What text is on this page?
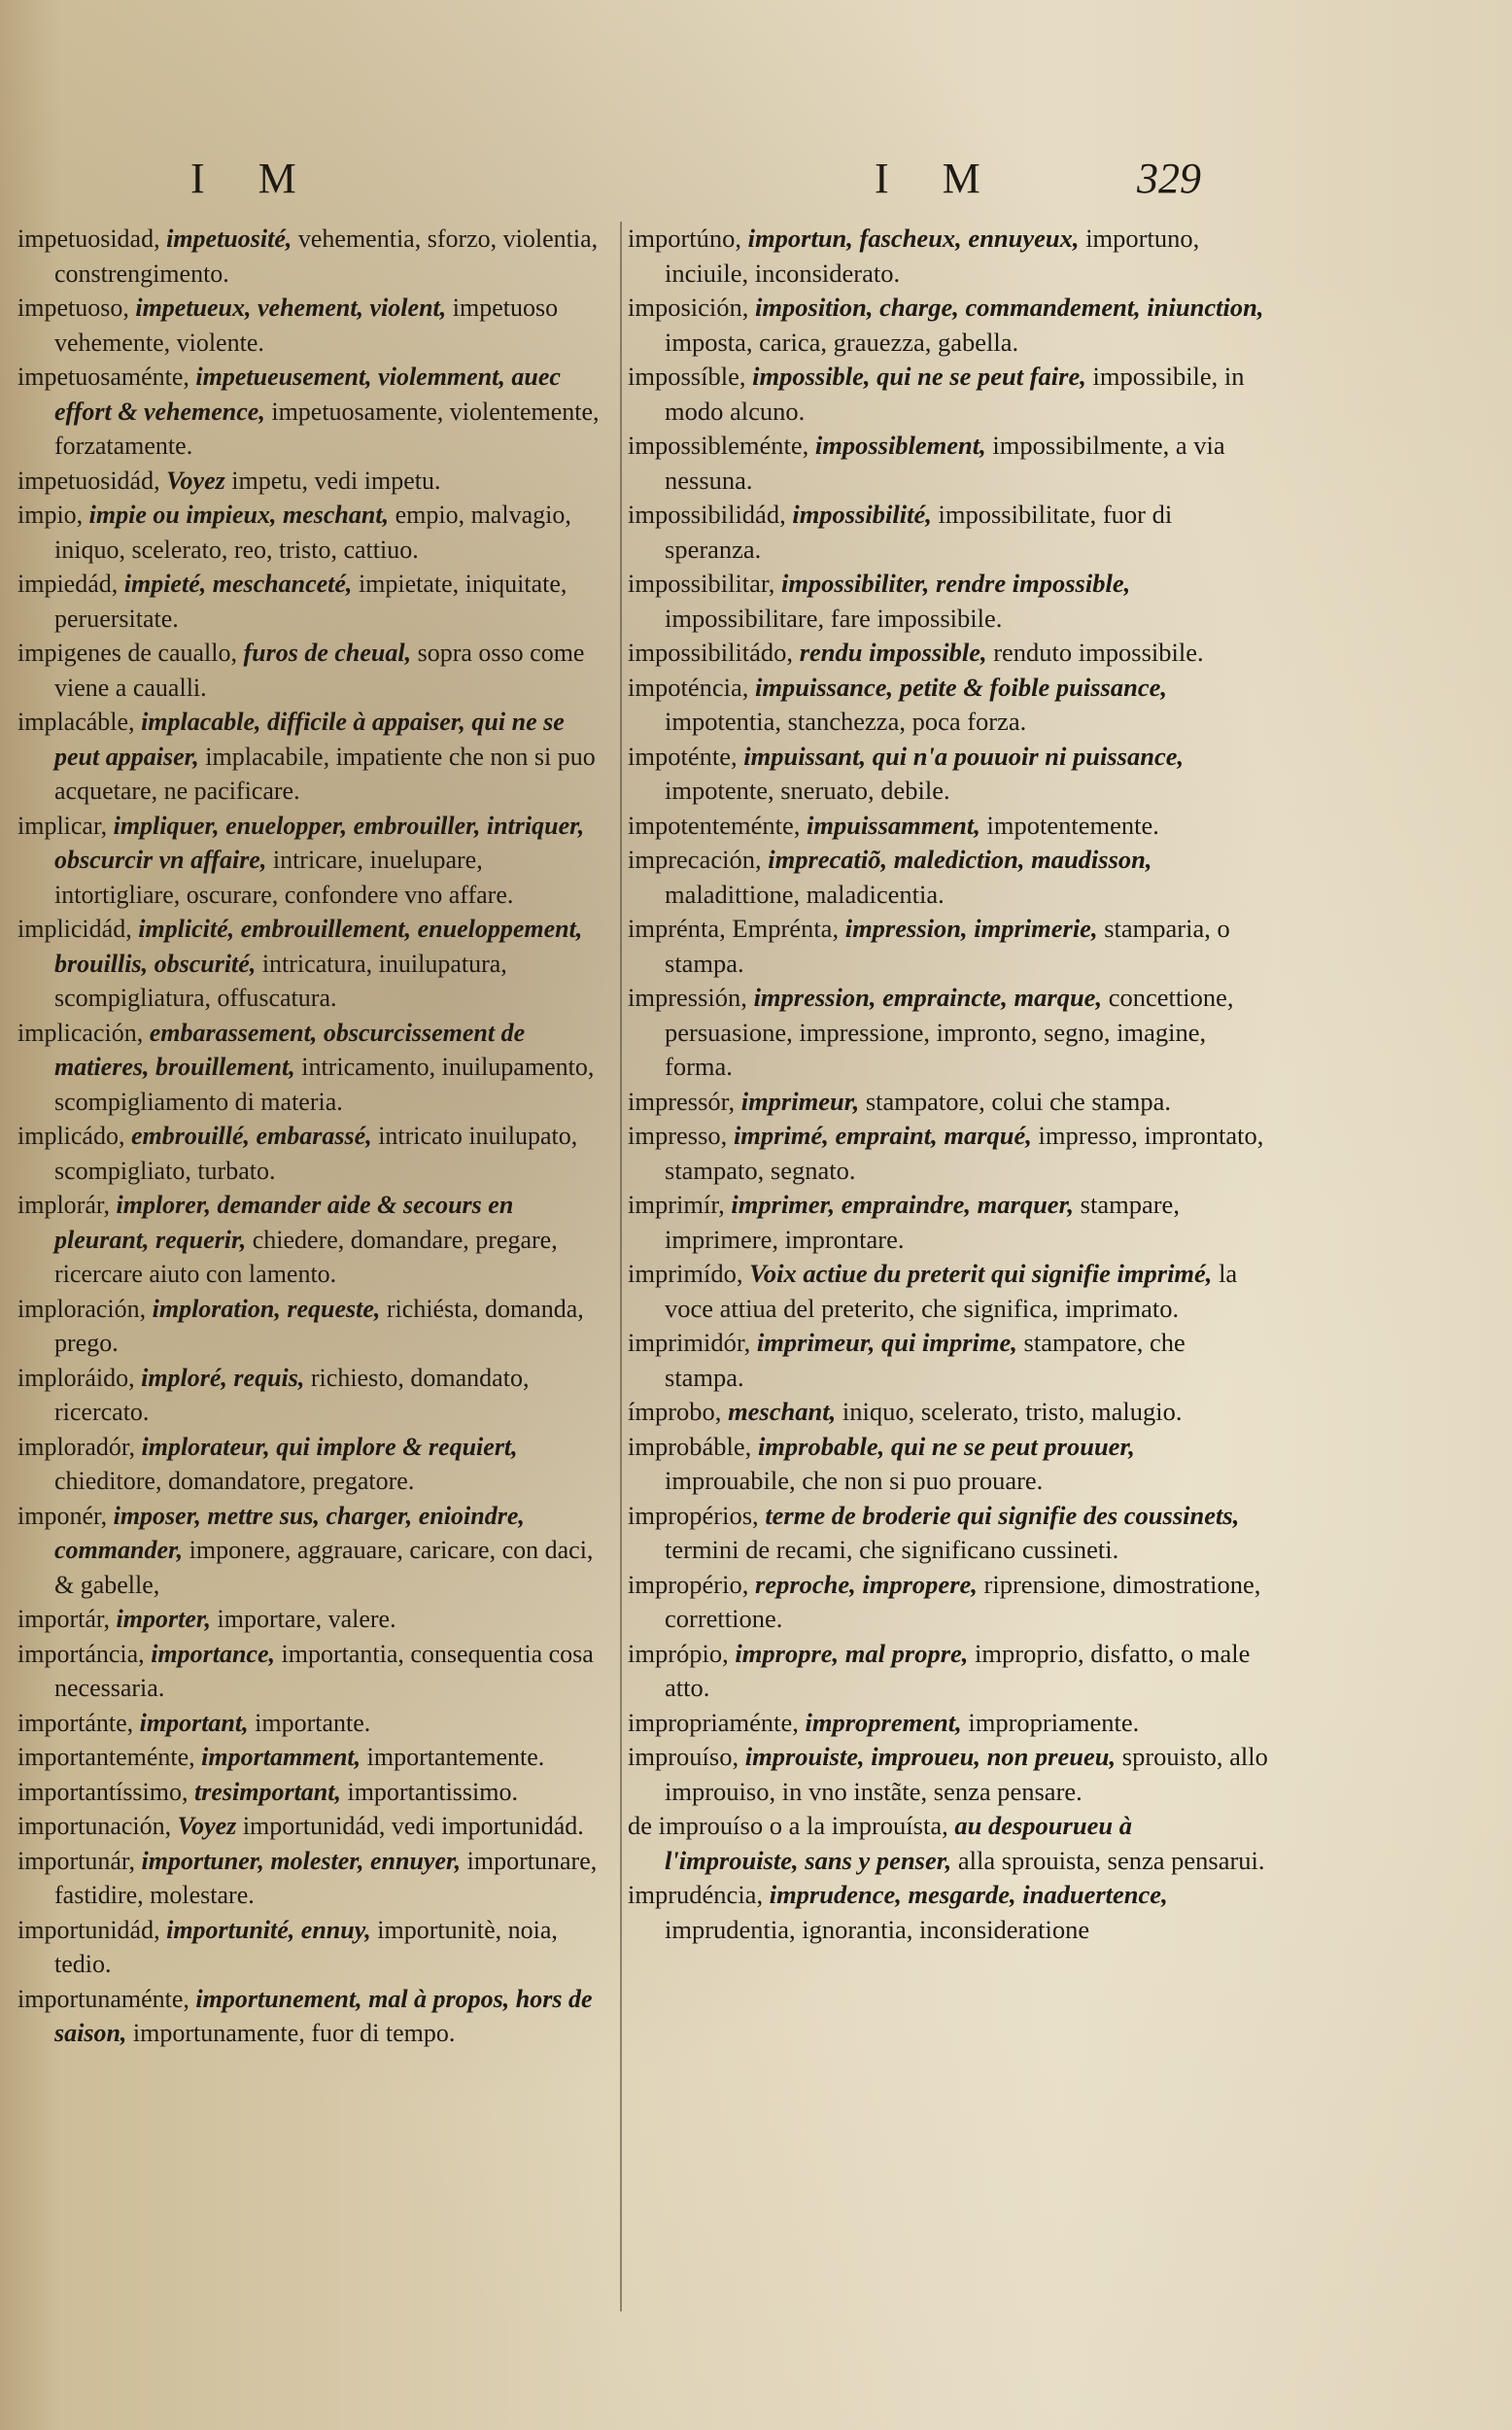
I M	I M	329
impetuosidad, impetuosité, vehementia, sforzo, violentia, constrengimento.
impetuoso, impetueux, vehement, violent, impetuoso vehemente, violente.
impetuosaménte, impetueusement, violemment, auec effort & vehemence, impetuosamente, violentemente, forzatamente.
impetuosidád, Voyez impetu, vedi impetu.
impio, impie ou impieux, meschant, empio, malvagio, iniquo, scelerato, reo, tristo, cattiuo.
impiedád, impieté, meschanceté, impietate, iniquitate, peruersitate.
impigenes de cauallo, furos de cheual, sopra osso come viene a caualli.
implacáble, implacable, difficile à appaiser, qui ne se peut appaiser, implacabile, impatiente che non si puo acquetare, ne pacificare.
implicar, impliquer, enuelopper, embrouiller, intriquer, obscurcir vn affaire, intricare, inuelupare, intortigliare, oscurare, confondere vno affare.
implicidád, implicité, embrouillement, enueloppement, brouillis, obscurité, intricatura, inuilupatura, scompigliatura, offuscatura.
implicación, embarassement, obscurcissement de matieres, brouillement, intricamento, inuilupamento, scompigliamento di materia.
implicádo, embrouillé, embarassé, intricato inuilupato, scompigliato, turbato.
implorár, implorer, demander aide & secours en pleurant, requerir, chiedere, domandare, pregare, ricercare aiuto con lamento.
imploración, imploration, requeste, richiésta, domanda, prego.
imploráido, imploré, requis, richiesto, domandato, ricercato.
imploradór, implorateur, qui implore & requiert, chieditore, domandatore, pregatore.
imponér, imposer, mettre sus, charger, enioindre, commander, imponere, aggrauare, caricare, con daci, & gabelle,
importár, importer, importare, valere.
importáncia, importance, importantia, consequentia cosa necessaria.
importánte, important, importante.
importanteménte, importamment, importantemente.
importantíssimo, tresimportant, importantissimo.
importunación, Voyez importunidád, vedi importunidád.
importunár, importuner, molester, ennuyer, importunare, fastidire, molestare.
importunidád, importunité, ennuy, importunitè, noia, tedio.
importunaménte, importunement, mal à propos, hors de saison, importunamente, fuor di tempo.
importúno, importun, fascheux, ennuyeux, importuno, inciuile, inconsiderato.
imposición, imposition, charge, commandement, iniunction, imposta, carica, grauezza, gabella.
impossíble, impossible, qui ne se peut faire, impossibile, in modo alcuno.
impossibleménte, impossiblement, impossibilmente, a via nessuna.
impossibilidád, impossibilité, impossibilitate, fuor di speranza.
impossibilitar, impossibiliter, rendre impossible, impossibilitare, fare impossibile.
impossibilitádo, rendu impossible, renduto impossibile.
impoténcia, impuissance, petite & foible puissance, impotentia, stanchezza, poca forza.
impoténte, impuissant, qui n'a pouuoir ni puissance, impotente, sneruato, debile.
impotenteménte, impuissamment, impotentemente.
imprecación, imprecatiõ, malediction, maudisson, maladittione, maladicentia.
imprénta, Emprénta, impression, imprimerie, stamparia, o stampa.
impressión, impression, empraincte, marque, concettione, persuasione, impressione, impronto, segno, imagine, forma.
impressór, imprimeur, stampatore, colui che stampa.
impresso, imprimé, empraint, marqué, impresso, improntato, stampato, segnato.
imprimír, imprimer, empraindre, marquer, stampare, imprimere, improntare.
imprimído, Voix actiue du preterit qui signifie imprimé, la voce attiua del preterito, che significa, imprimato.
imprimidór, imprimeur, qui imprime, stampatore, che stampa.
ímprobo, meschant, iniquo, scelerato, tristo, malugio.
improbáble, improbable, qui ne se peut prouuer, improuabile, che non si puo prouare.
impropérios, terme de broderie qui signifie des coussinets, termini de recami, che significano cussineti.
impropério, reproche, impropere, riprensione, dimostratione, correttione.
imprópio, impropre, mal propre, improprio, disfatto, o male atto.
impropriaménte, improprement, impropriamente.
improuíso, improuiste, improueu, non preueu, sprouisto, allo improuiso, in vno instãte, senza pensare.
de improuíso o a la improuísta, au despourueu à l'improuiste, sans y penser, alla sprouista, senza pensarui.
imprudéncia, imprudence, mesgarde, inaduertence, imprudentia, ignorantia, inconsideratione
